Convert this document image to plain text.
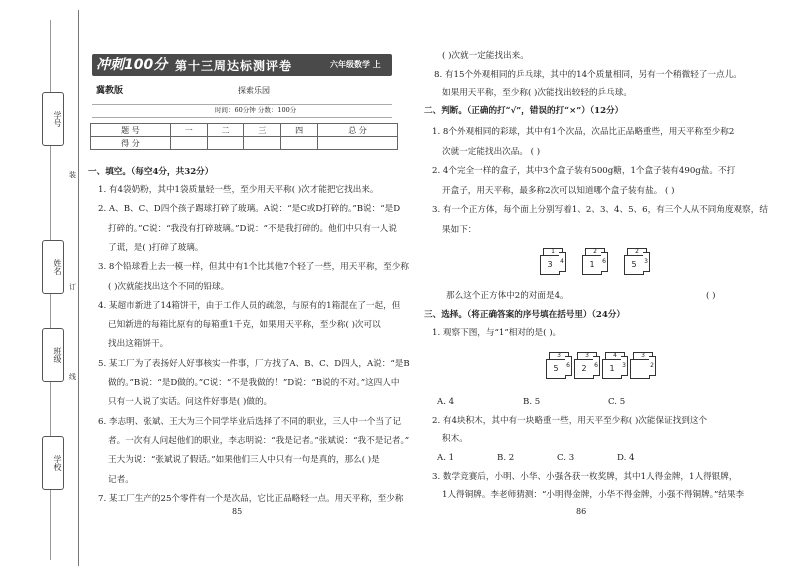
学号
姓名
班级
学校
装
订
线
冲刺100分 第十三周达标测评卷	六年级数学 上
冀教版	探索乐园
时间：60分钟 分数：100分
题 号	一	二	三	四	总 分
得 分					
一、填空。（每空4分，共32分）
1. 有4袋奶粉，其中1袋质量轻一些，至少用天平称( )次才能把它找出来。
2. A、B、C、D四个孩子踢球打碎了玻璃。A说：“是C或D打碎的。”B说：“是D
打碎的。”C说：“我没有打碎玻璃。”D说：“不是我打碎的。他们中只有一人说
了谎，是( )打碎了玻璃。
3. 8个铅球看上去一模一样，但其中有1个比其他7个轻了一些，用天平称，至少称
( )次就能找出这个不同的铅球。
4. 某超市新进了14箱饼干，由于工作人员的疏忽，与原有的1箱混在了一起，但
已知新进的每箱比原有的每箱重1千克，如果用天平称，至少称( )次可以
找出这箱饼干。
5. 某工厂为了表扬好人好事核实一件事，厂方找了A、B、C、D四人，A说：“是B
做的。”B说：“是D做的。”C说：“不是我做的！”D说：“B说的不对。”这四人中
只有一人说了实话。问这件好事是( )做的。
6. 李志明、张斌、王大为三个同学毕业后选择了不同的职业，三人中一个当了记
者。一次有人问起他们的职业，李志明说：“我是记者。”张斌说：“我不是记者。”
王大为说：“张斌说了假话。”如果他们三人中只有一句是真的，那么( )是
记者。
7. 某工厂生产的25个零件有一个是次品，它比正品略轻一点。用天平称，至少称
85
( )次就一定能找出来。
8. 有15个外观相同的乒乓球，其中的14个质量相同，另有一个稍微轻了一点儿。
如果用天平称，至少称( )次能找出较轻的乒乓球。
二、判断。（正确的打“√”，错误的打“×”）（12分）
1. 8个外观相同的彩球，其中有1个次品，次品比正品略重些，用天平称至少称2
次就一定能找出次品。 ( )
2. 4个完全一样的盒子，其中3个盒子装有500g糖，1个盒子装有490g盐。不打
开盒子，用天平称，最多称2次可以知道哪个盒子装有盐。 ( )
3. 有一个正方体，每个面上分别写着1、2、3、4、5、6，有三个人从不同角度观察，结
果如下：
1
3	4
2
1	6
2
5	3
那么这个正方体中2的对面是4。	( )
三、选择。（将正确答案的序号填在括号里）（24分）
1. 观察下图，与“1”相对的是( )。
3
5	6
3
2	6
4
1	3
3
2
A. 4	B. 5	C. 5
2. 有4块积木，其中有一块略重一些，用天平至少称( )次能保证找到这个
积木。
A. 1	B. 2	C. 3	D. 4
3. 数学竞赛后，小明、小华、小强各获一枚奖牌，其中1人得金牌，1人得银牌，
1人得铜牌。李老师猜测：“小明得金牌，小华不得金牌，小强不得铜牌。”结果李
86
